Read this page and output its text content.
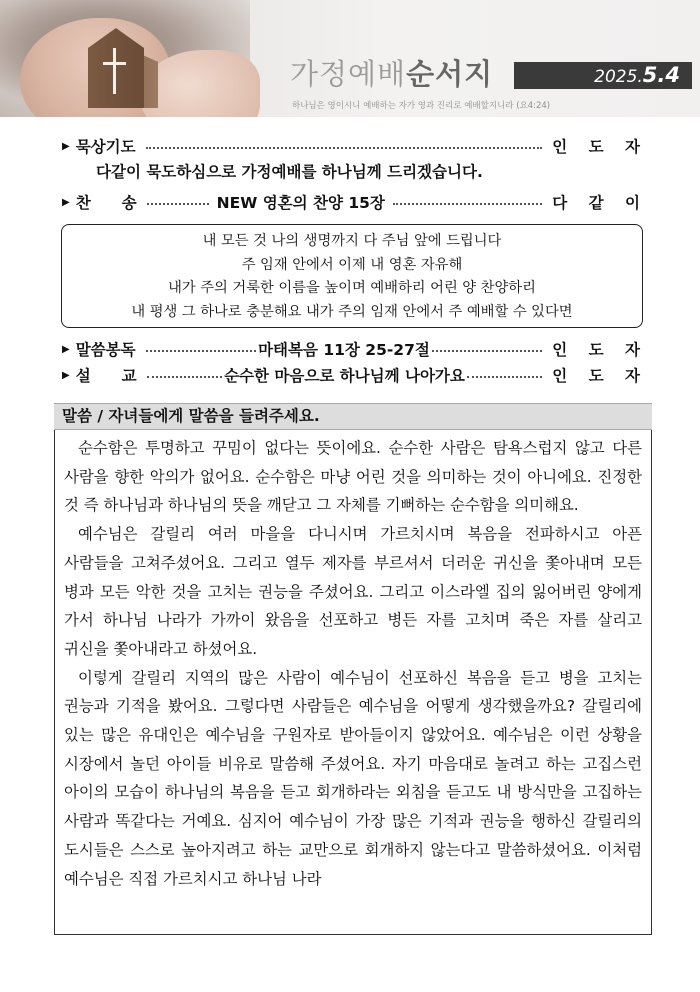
가정예배순서지	2025.5.4
하나님은 영이시니 예배하는 자가 영과 진리로 예배할지니라 (요4:24)
▶ 묵상기도	인 도 자
다같이 묵도하심으로 가정예배를 하나님께 드리겠습니다.
▶ 찬　　송	NEW 영혼의 찬양 15장	다 같 이
내 모든 것 나의 생명까지 다 주님 앞에 드립니다
주 임재 안에서 이제 내 영혼 자유해
내가 주의 거룩한 이름을 높이며 예배하리 어린 양 찬양하리
내 평생 그 하나로 충분해요 내가 주의 임재 안에서 주 예배할 수 있다면
▶ 말씀봉독	마태복음 11장 25-27절	인 도 자
▶ 설　　교	순수한 마음으로 하나님께 나아가요	인 도 자
말씀 / 자녀들에게 말씀을 들려주세요.

순수함은 투명하고 꾸밈이 없다는 뜻이에요. 순수한 사람은 탐욕스럽지 않고 다른 사람을 향한 악의가 없어요. 순수함은 마냥 어린 것을 의미하는 것이 아니에요. 진정한 것 즉 하나님과 하나님의 뜻을 깨닫고 그 자체를 기뻐하는 순수함을 의미해요.

예수님은 갈릴리 여러 마을을 다니시며 가르치시며 복음을 전파하시고 아픈 사람들을 고쳐주셨어요. 그리고 열두 제자를 부르셔서 더러운 귀신을 쫓아내며 모든 병과 모든 악한 것을 고치는 권능을 주셨어요. 그리고 이스라엘 집의 잃어버린 양에게 가서 하나님 나라가 가까이 왔음을 선포하고 병든 자를 고치며 죽은 자를 살리고 귀신을 쫓아내라고 하셨어요.

이렇게 갈릴리 지역의 많은 사람이 예수님이 선포하신 복음을 듣고 병을 고치는 권능과 기적을 봤어요. 그렇다면 사람들은 예수님을 어떻게 생각했을까요? 갈릴리에 있는 많은 유대인은 예수님을 구원자로 받아들이지 않았어요. 예수님은 이런 상황을 시장에서 놀던 아이들 비유로 말씀해 주셨어요. 자기 마음대로 놀려고 하는 고집스런 아이의 모습이 하나님의 복음을 듣고 회개하라는 외침을 듣고도 내 방식만을 고집하는 사람과 똑같다는 거예요. 심지어 예수님이 가장 많은 기적과 권능을 행하신 갈릴리의 도시들은 스스로 높아지려고 하는 교만으로 회개하지 않는다고 말씀하셨어요. 이처럼 예수님은 직접 가르치시고 하나님 나라
